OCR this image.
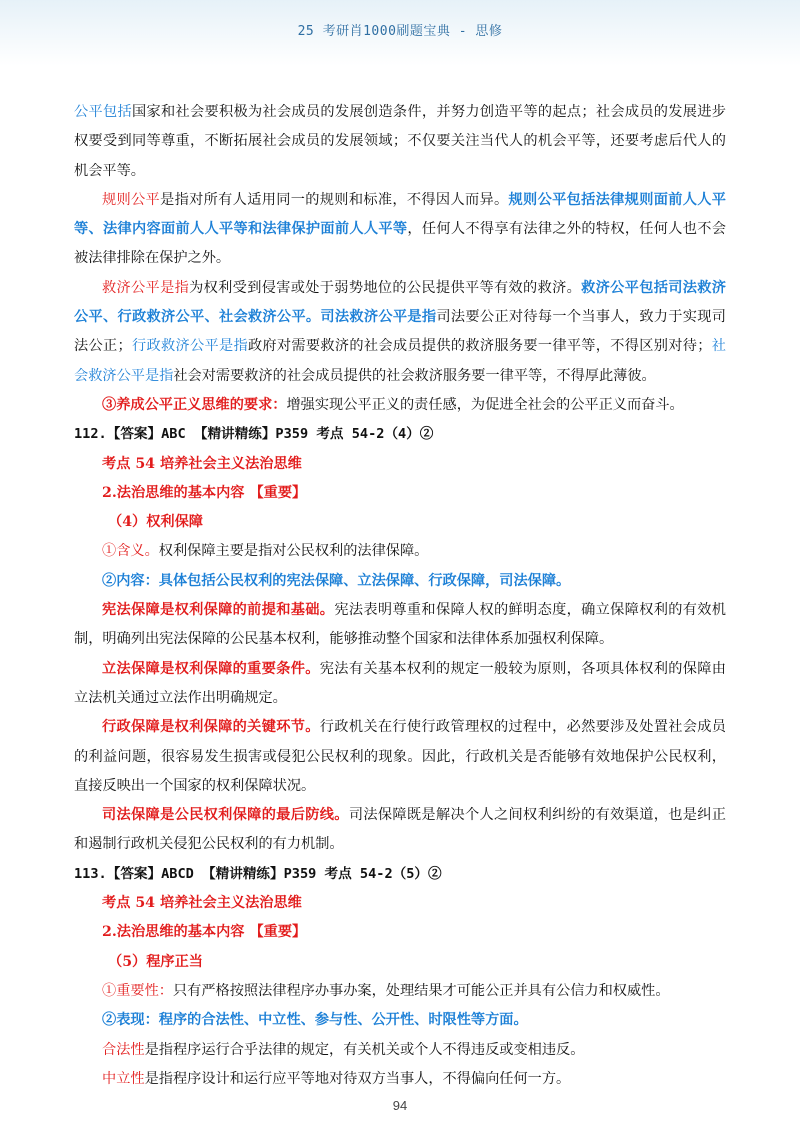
25 考研肖1000刷题宝典 - 思修

公平包括国家和社会要积极为社会成员的发展创造条件，并努力创造平等的起点；社会成员的发展进步权要受到同等尊重，不断拓展社会成员的发展领域；不仅要关注当代人的机会平等，还要考虑后代人的机会平等。

规则公平是指对所有人适用同一的规则和标准，不得因人而异。规则公平包括法律规则面前人人平等、法律内容面前人人平等和法律保护面前人人平等，任何人不得享有法律之外的特权，任何人也不会被法律排除在保护之外。

救济公平是指为权利受到侵害或处于弱势地位的公民提供平等有效的救济。救济公平包括司法救济公平、行政救济公平、社会救济公平。司法救济公平是指司法要公正对待每一个当事人，致力于实现司法公正；行政救济公平是指政府对需要救济的社会成员提供的救济服务要一律平等，不得区别对待；社会救济公平是指社会对需要救济的社会成员提供的社会救济服务要一律平等，不得厚此薄彼。

③养成公平正义思维的要求：增强实现公平正义的责任感，为促进全社会的公平正义而奋斗。

112.【答案】ABC 【精讲精练】P359 考点 54-2（4）②

考点 54 培养社会主义法治思维

2.法治思维的基本内容 【重要】

（4）权利保障

①含义。权利保障主要是指对公民权利的法律保障。

②内容：具体包括公民权利的宪法保障、立法保障、行政保障，司法保障。

宪法保障是权利保障的前提和基础。宪法表明尊重和保障人权的鲜明态度，确立保障权利的有效机制，明确列出宪法保障的公民基本权利，能够推动整个国家和法律体系加强权利保障。

立法保障是权利保障的重要条件。宪法有关基本权利的规定一般较为原则，各项具体权利的保障由立法机关通过立法作出明确规定。

行政保障是权利保障的关键环节。行政机关在行使行政管理权的过程中，必然要涉及处置社会成员的利益问题，很容易发生损害或侵犯公民权利的现象。因此，行政机关是否能够有效地保护公民权利，直接反映出一个国家的权利保障状况。

司法保障是公民权利保障的最后防线。司法保障既是解决个人之间权利纠纷的有效渠道，也是纠正和遏制行政机关侵犯公民权利的有力机制。

113.【答案】ABCD 【精讲精练】P359 考点 54-2（5）②

考点 54 培养社会主义法治思维

2.法治思维的基本内容 【重要】

（5）程序正当

①重要性：只有严格按照法律程序办事办案，处理结果才可能公正并具有公信力和权威性。

②表现：程序的合法性、中立性、参与性、公开性、时限性等方面。

合法性是指程序运行合乎法律的规定，有关机关或个人不得违反或变相违反。

中立性是指程序设计和运行应平等地对待双方当事人，不得偏向任何一方。

94
